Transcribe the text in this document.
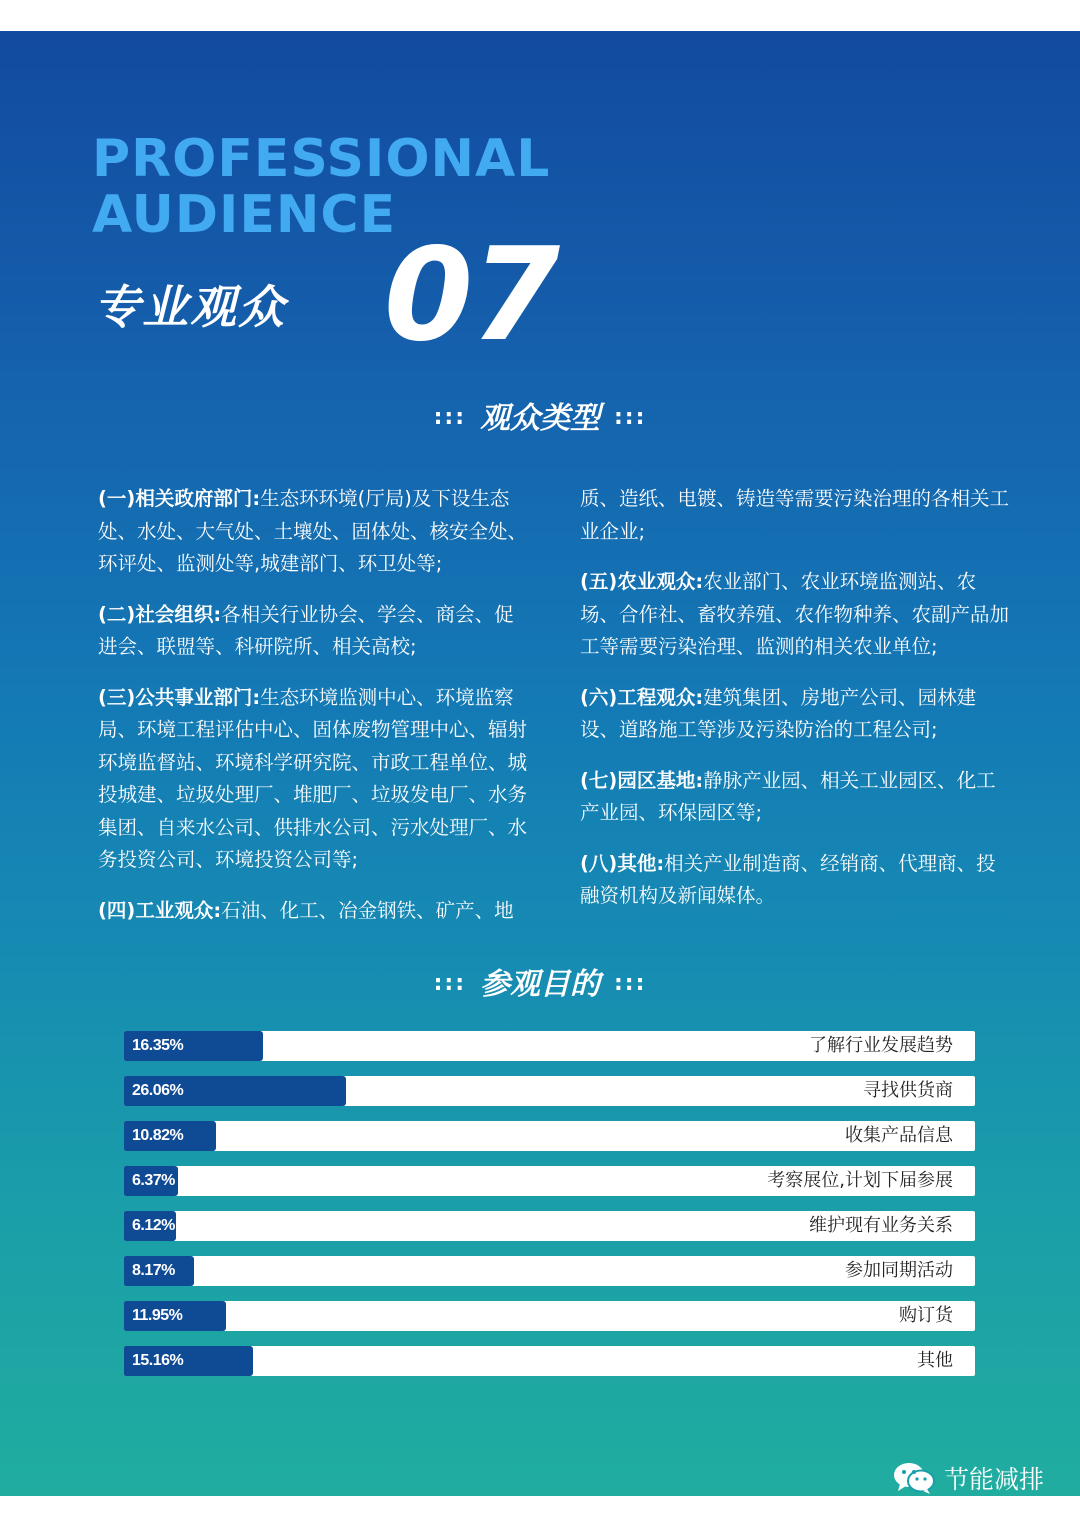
PROFESSIONAL
AUDIENCE
专业观众 07
::: 观众类型 :::

(一)相关政府部门:生态环环境(厅局)及下设生态处、水处、大气处、土壤处、固体处、核安全处、环评处、监测处等,城建部门、环卫处等;

(二)社会组织:各相关行业协会、学会、商会、促进会、联盟等、科研院所、相关高校;

(三)公共事业部门:生态环境监测中心、环境监察局、环境工程评估中心、固体废物管理中心、辐射环境监督站、环境科学研究院、市政工程单位、城投城建、垃圾处理厂、堆肥厂、垃圾发电厂、水务集团、自来水公司、供排水公司、污水处理厂、水务投资公司、环境投资公司等;

(四)工业观众:石油、化工、冶金钢铁、矿产、地

质、造纸、电镀、铸造等需要污染治理的各相关工业企业;

(五)农业观众:农业部门、农业环境监测站、农场、合作社、畜牧养殖、农作物种养、农副产品加工等需要污染治理、监测的相关农业单位;

(六)工程观众:建筑集团、房地产公司、园林建设、道路施工等涉及污染防治的工程公司;

(七)园区基地:静脉产业园、相关工业园区、化工产业园、环保园区等;

(八)其他:相关产业制造商、经销商、代理商、投融资机构及新闻媒体。

::: 参观目的 :::
16.35%	了解行业发展趋势
26.06%	寻找供货商
10.82%	收集产品信息
6.37%	考察展位,计划下届参展
6.12%	维护现有业务关系
8.17%	参加同期活动
11.95%	购订货
15.16%	其他
节能减排
